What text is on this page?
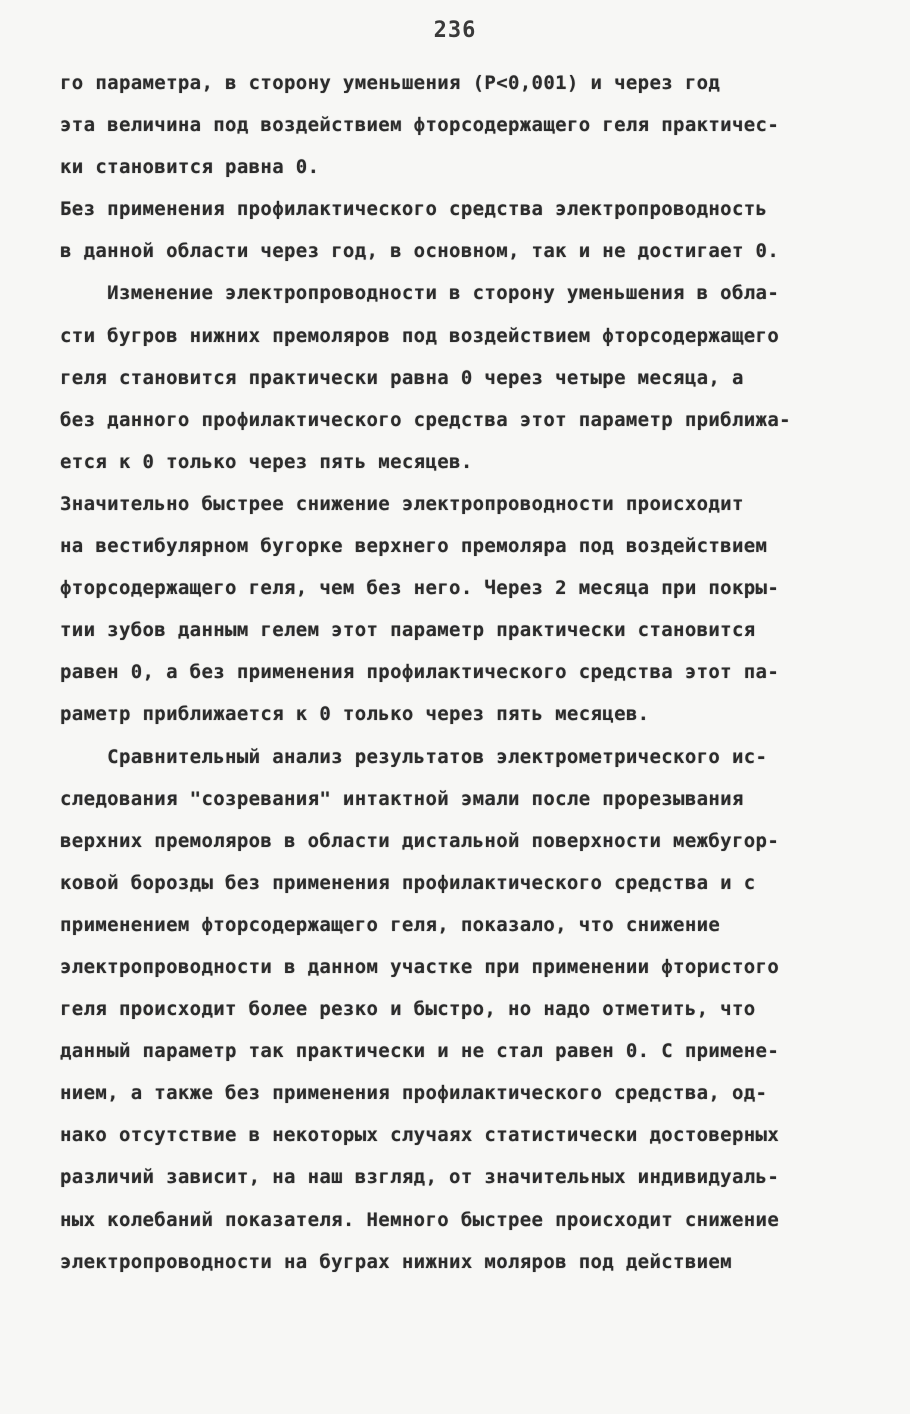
236
го параметра, в сторону уменьшения (P<0,001) и через год
эта величина под воздействием фторсодержащего геля практичес-
ки становится равна 0.
Без применения профилактического средства электропроводность
в данной области через год, в основном, так и не достигает 0.
Изменение электропроводности в сторону уменьшения в обла-
сти бугров нижних премоляров под воздействием фторсодержащего
геля становится практически равна 0 через четыре месяца, а
без данного профилактического средства этот параметр приближа-
ется к 0 только через пять месяцев.
Значительно быстрее снижение электропроводности происходит
на вестибулярном бугорке верхнего премоляра под воздействием
фторсодержащего геля, чем без него. Через 2 месяца при покры-
тии зубов данным гелем этот параметр практически становится
равен 0, а без применения профилактического средства этот па-
раметр приближается к 0 только через пять месяцев.
Сравнительный анализ результатов электрометрического ис-
следования "созревания" интактной эмали после прорезывания
верхних премоляров в области дистальной поверхности межбугор-
ковой борозды без применения профилактического средства и с
применением фторсодержащего геля, показало, что снижение
электропроводности в данном участке при применении фтористого
геля происходит более резко и быстро, но надо отметить, что
данный параметр так практически и не стал равен 0. С примене-
нием, а также без применения профилактического средства, од-
нако отсутствие в некоторых случаях статистически достоверных
различий зависит, на наш взгляд, от значительных индивидуаль-
ных колебаний показателя. Немного быстрее происходит снижение
электропроводности на буграх нижних моляров под действием
